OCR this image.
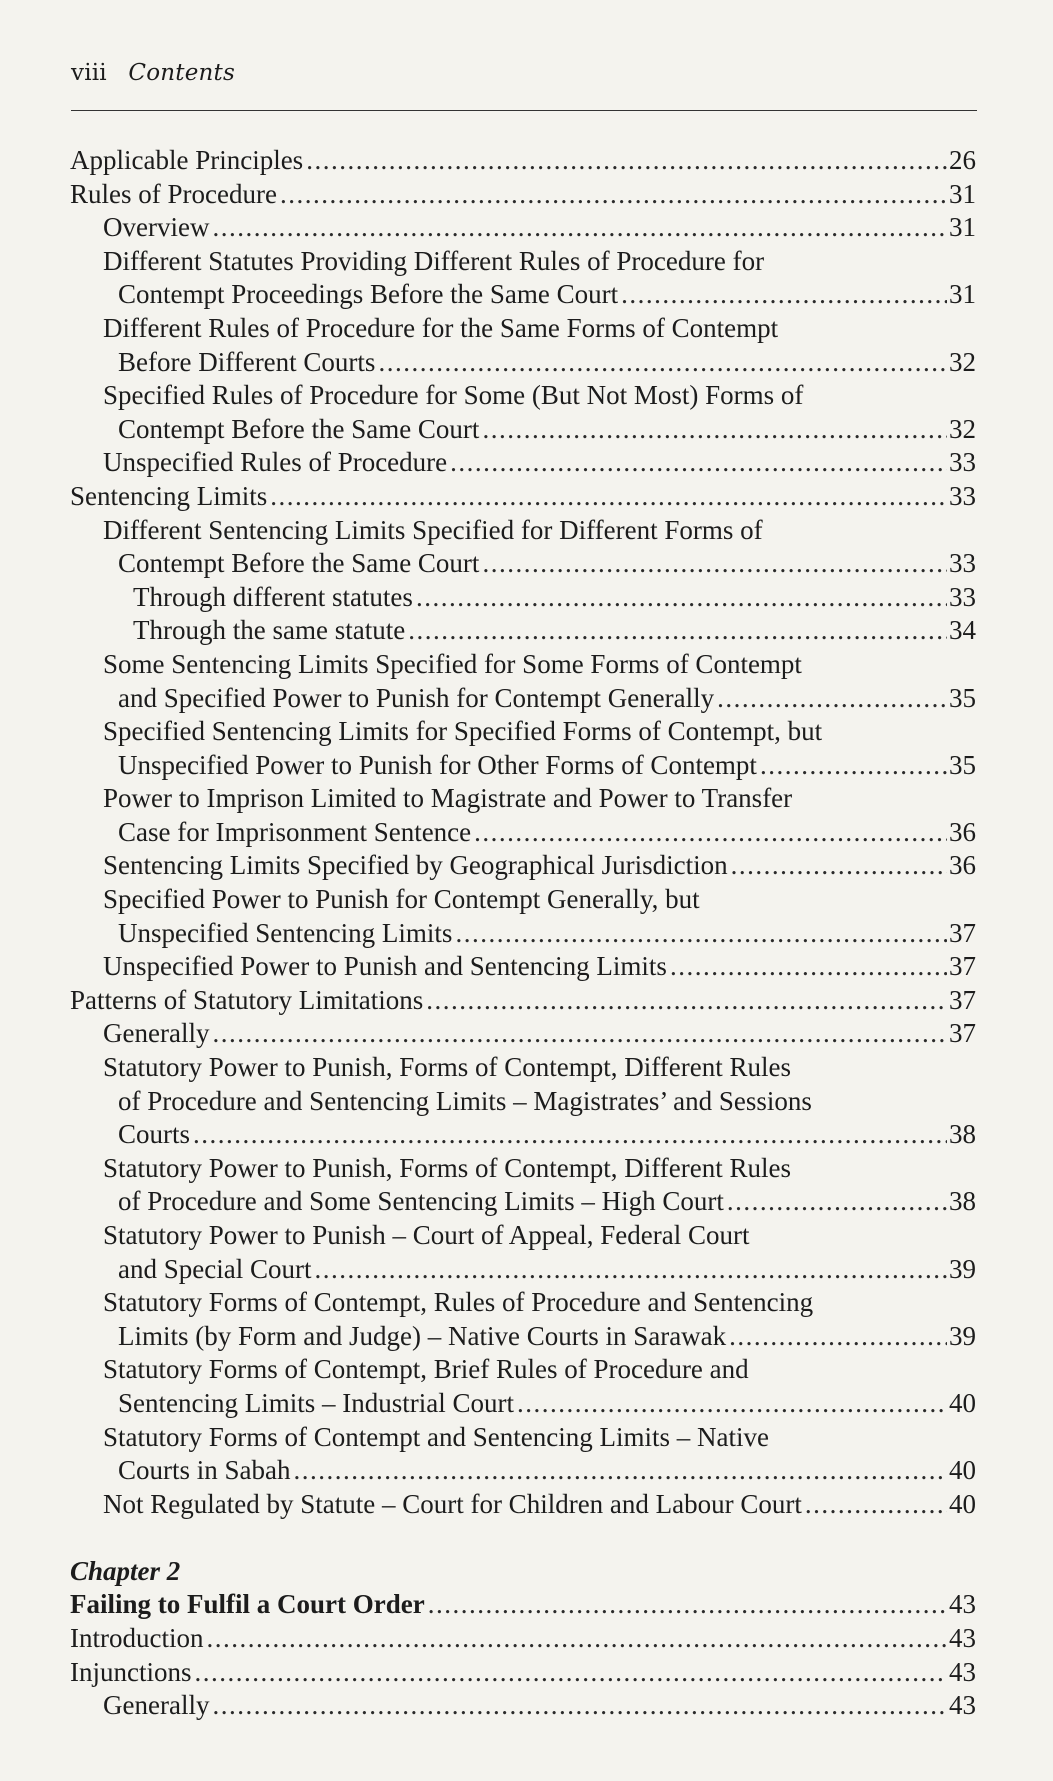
viii Contents
Applicable Principles .....	26
Rules of Procedure .....	31
Overview .....	31
Different Statutes Providing Different Rules of Procedure for
Contempt Proceedings Before the Same Court .....	31
Different Rules of Procedure for the Same Forms of Contempt
Before Different Courts .....	32
Specified Rules of Procedure for Some (But Not Most) Forms of
Contempt Before the Same Court .....	32
Unspecified Rules of Procedure .....	33
Sentencing Limits .....	33
Different Sentencing Limits Specified for Different Forms of
Contempt Before the Same Court .....	33
Through different statutes .....	33
Through the same statute .....	34
Some Sentencing Limits Specified for Some Forms of Contempt
and Specified Power to Punish for Contempt Generally .....	35
Specified Sentencing Limits for Specified Forms of Contempt, but
Unspecified Power to Punish for Other Forms of Contempt .....	35
Power to Imprison Limited to Magistrate and Power to Transfer
Case for Imprisonment Sentence .....	36
Sentencing Limits Specified by Geographical Jurisdiction .....	36
Specified Power to Punish for Contempt Generally, but
Unspecified Sentencing Limits .....	37
Unspecified Power to Punish and Sentencing Limits .....	37
Patterns of Statutory Limitations .....	37
Generally .....	37
Statutory Power to Punish, Forms of Contempt, Different Rules
of Procedure and Sentencing Limits – Magistrates’ and Sessions
Courts .....	38
Statutory Power to Punish, Forms of Contempt, Different Rules
of Procedure and Some Sentencing Limits – High Court .....	38
Statutory Power to Punish – Court of Appeal, Federal Court
and Special Court .....	39
Statutory Forms of Contempt, Rules of Procedure and Sentencing
Limits (by Form and Judge) – Native Courts in Sarawak .....	39
Statutory Forms of Contempt, Brief Rules of Procedure and
Sentencing Limits – Industrial Court .....	40
Statutory Forms of Contempt and Sentencing Limits – Native
Courts in Sabah .....	40
Not Regulated by Statute – Court for Children and Labour Court .....	40
Chapter 2
Failing to Fulfil a Court Order .....	43
Introduction .....	43
Injunctions .....	43
Generally .....	43
